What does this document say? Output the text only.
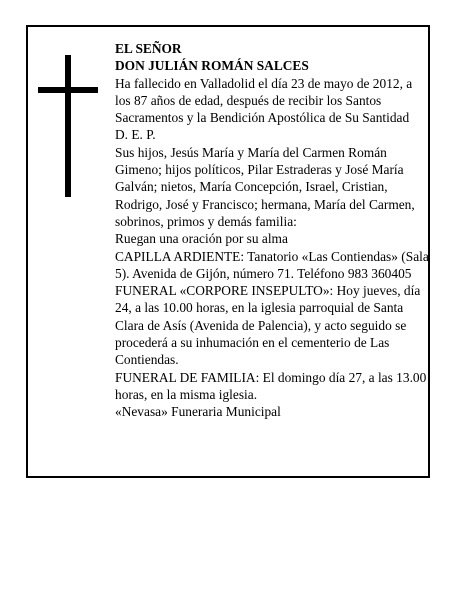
EL SEÑOR

DON JULIÁN ROMÁN SALCES

Ha fallecido en Valladolid el día 23 de mayo de 2012, a los 87 años de edad, después de recibir los Santos Sacramentos y la Bendición Apostólica de Su Santidad

D. E. P.

Sus hijos, Jesús María y María del Carmen Román Gimeno; hijos políticos, Pilar Estraderas y José María Galván; nietos, María Concepción, Israel, Cristian, Rodrigo, José y Francisco; hermana, María del Carmen, sobrinos, primos y demás familia:

Ruegan una oración por su alma

CAPILLA ARDIENTE: Tanatorio «Las Contiendas» (Sala 5). Avenida de Gijón, número 71. Teléfono 983 360405

FUNERAL «CORPORE INSEPULTO»: Hoy jueves, día 24, a las 10.00 horas, en la iglesia parroquial de Santa Clara de Asís (Avenida de Palencia), y acto seguido se procederá a su inhumación en el cementerio de Las Contiendas.

FUNERAL DE FAMILIA: El domingo día 27, a las 13.00 horas, en la misma iglesia.

«Nevasa» Funeraria Municipal
